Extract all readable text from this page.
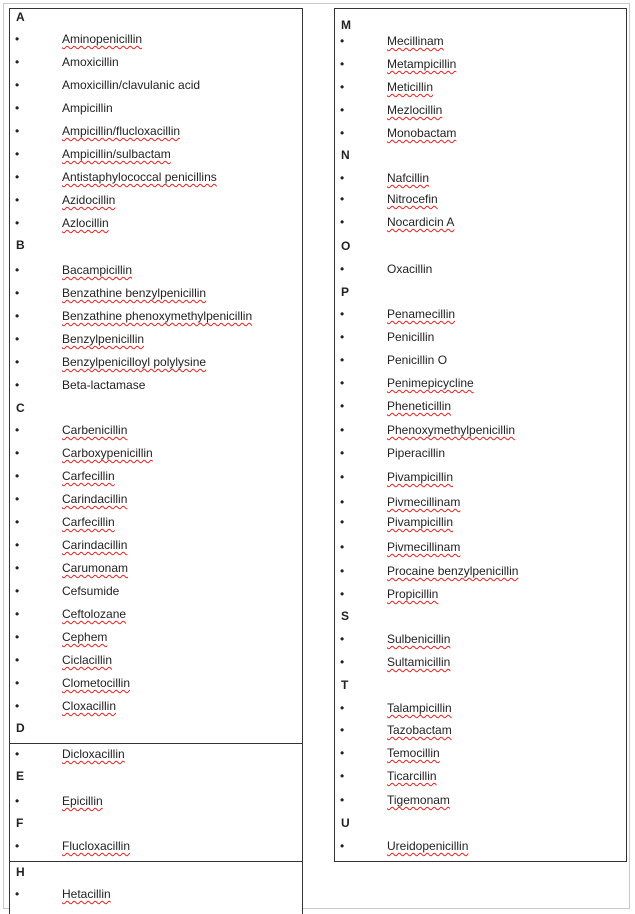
A
•	Aminopenicillin
•	Amoxicillin
•	Amoxicillin/clavulanic acid
•	Ampicillin
•	Ampicillin/flucloxacillin
•	Ampicillin/sulbactam
•	Antistaphylococcal penicillins
•	Azidocillin
•	Azlocillin
B
•	Bacampicillin
•	Benzathine benzylpenicillin
•	Benzathine phenoxymethylpenicillin
•	Benzylpenicillin
•	Benzylpenicilloyl polylysine
•	Beta-lactamase
C
•	Carbenicillin
•	Carboxypenicillin
•	Carfecillin
•	Carindacillin
•	Carfecillin
•	Carindacillin
•	Carumonam
•	Cefsumide
•	Ceftolozane
•	Cephem
•	Ciclacillin
•	Clometocillin
•	Cloxacillin
D
•	Dicloxacillin
E
•	Epicillin
F
•	Flucloxacillin
H
•	Hetacillin
M
•	Mecillinam
•	Metampicillin
•	Meticillin
•	Mezlocillin
•	Monobactam
N
•	Nafcillin
•	Nitrocefin
•	Nocardicin A
O
•	Oxacillin
P
•	Penamecillin
•	Penicillin
•	Penicillin O
•	Penimepicycline
•	Pheneticillin
•	Phenoxymethylpenicillin
•	Piperacillin
•	Pivampicillin
•	Pivmecillinam
•	Pivampicillin
•	Pivmecillinam
•	Procaine benzylpenicillin
•	Propicillin
S
•	Sulbenicillin
•	Sultamicillin
T
•	Talampicillin
•	Tazobactam
•	Temocillin
•	Ticarcillin
•	Tigemonam
U
•	Ureidopenicillin
